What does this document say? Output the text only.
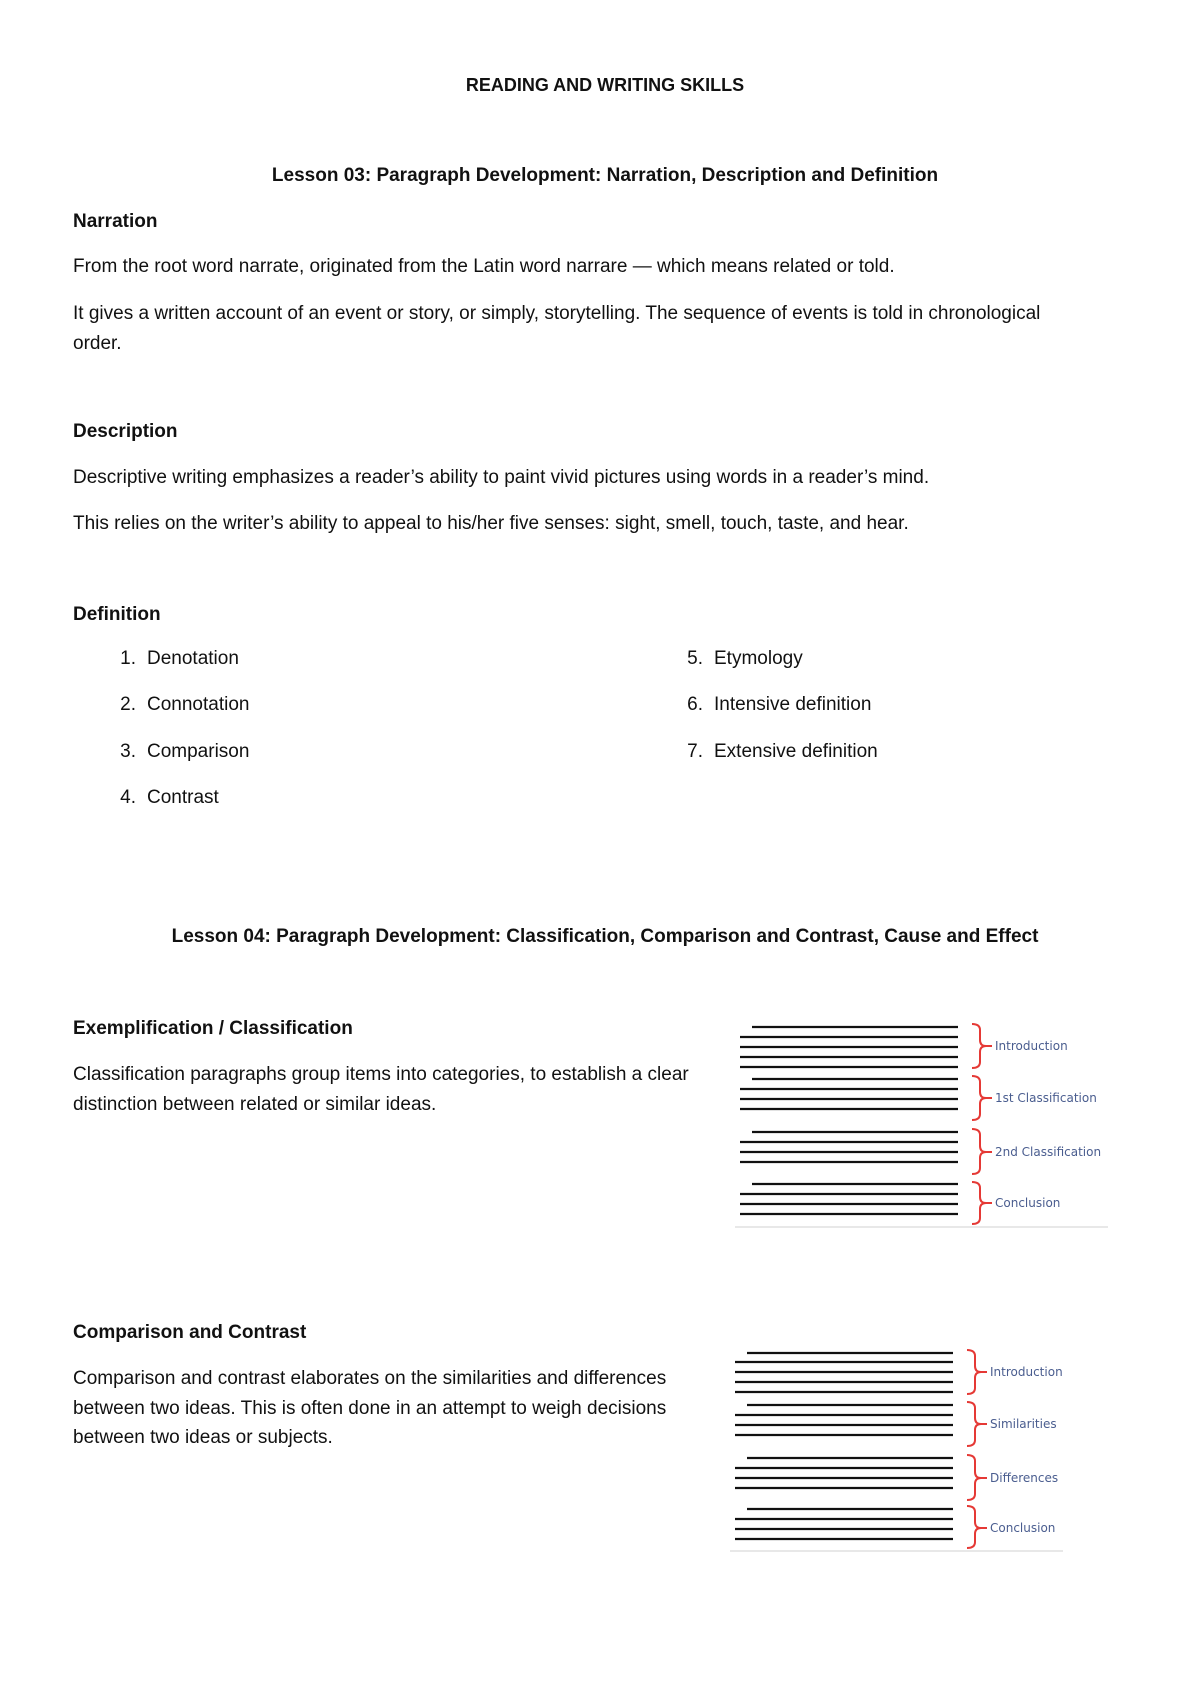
READING AND WRITING SKILLS
Lesson 03: Paragraph Development: Narration, Description and Definition
Narration
From the root word narrate, originated from the Latin word narrare — which means related or told.
It gives a written account of an event or story, or simply, storytelling. The sequence of events is told in chronological order.
Description
Descriptive writing emphasizes a reader’s ability to paint vivid pictures using words in a reader’s mind.
This relies on the writer’s ability to appeal to his/her five senses: sight, smell, touch, taste, and hear.
Definition
1. Denotation
2. Connotation
3. Comparison
4. Contrast
5. Etymology
6. Intensive definition
7. Extensive definition
Lesson 04: Paragraph Development: Classification, Comparison and Contrast, Cause and Effect
Exemplification / Classification
Classification paragraphs group items into categories, to establish a clear distinction between related or similar ideas.
Introduction
1st Classification
2nd Classification
Conclusion
Comparison and Contrast
Comparison and contrast elaborates on the similarities and differences between two ideas. This is often done in an attempt to weigh decisions between two ideas or subjects.
Introduction
Similarities
Differences
Conclusion
